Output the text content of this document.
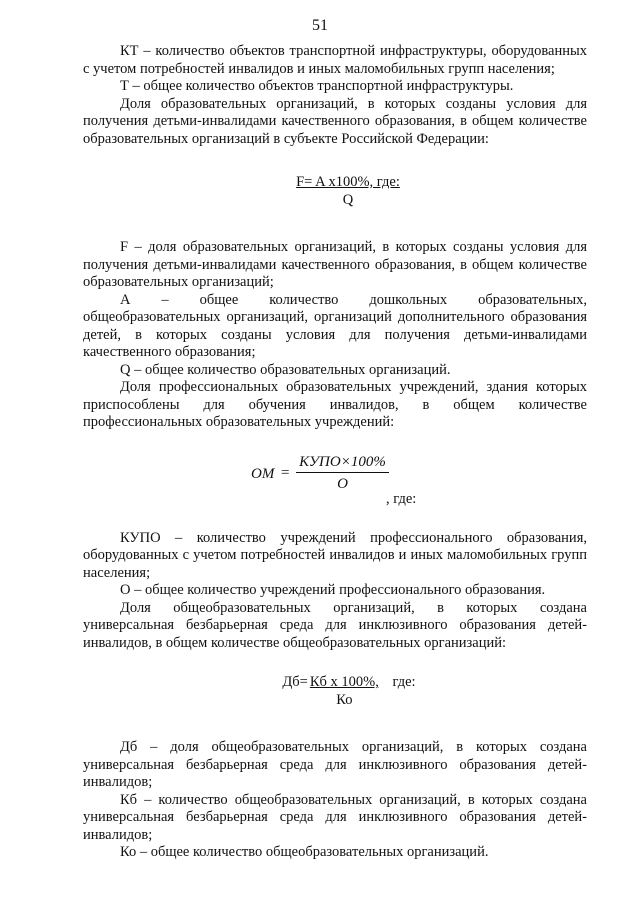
51

КТ – количество объектов транспортной инфраструктуры, оборудованных с учетом потребностей инвалидов и иных маломобильных групп населения;

Т – общее количество объектов транспортной инфраструктуры.

Доля образовательных организаций, в которых созданы условия для получения детьми-инвалидами качественного образования, в общем количестве образовательных организаций в субъекте Российской Федерации:

$\frac{\text{F= A х100\%, где:}}{Q}$

F – доля образовательных организаций, в которых созданы условия для получения детьми-инвалидами качественного образования, в общем количестве образовательных организаций;

А – общее количество дошкольных образовательных, общеобразовательных организаций, организаций дополнительного образования детей, в которых созданы условия для получения детьми-инвалидами качественного образования;

Q – общее количество образовательных организаций.

Доля профессиональных образовательных учреждений, здания которых приспособлены для обучения инвалидов, в общем количестве профессиональных образовательных учреждений:

ОМ =
КУПО×100%
О
, где:

КУПО – количество учреждений профессионального образования, оборудованных с учетом потребностей инвалидов и иных маломобильных групп населения;

О – общее количество учреждений профессионального образования.

Доля общеобразовательных организаций, в которых создана универсальная безбарьерная среда для инклюзивного образования детей-инвалидов, в общем количестве общеобразовательных организаций:

$Дб= \frac{\text{Кб х 100\%,}}{Ко}$ где:

Дб – доля общеобразовательных организаций, в которых создана универсальная безбарьерная среда для инклюзивного образования детей-инвалидов;

Кб – количество общеобразовательных организаций, в которых создана универсальная безбарьерная среда для инклюзивного образования детей-инвалидов;

Ко – общее количество общеобразовательных организаций.
